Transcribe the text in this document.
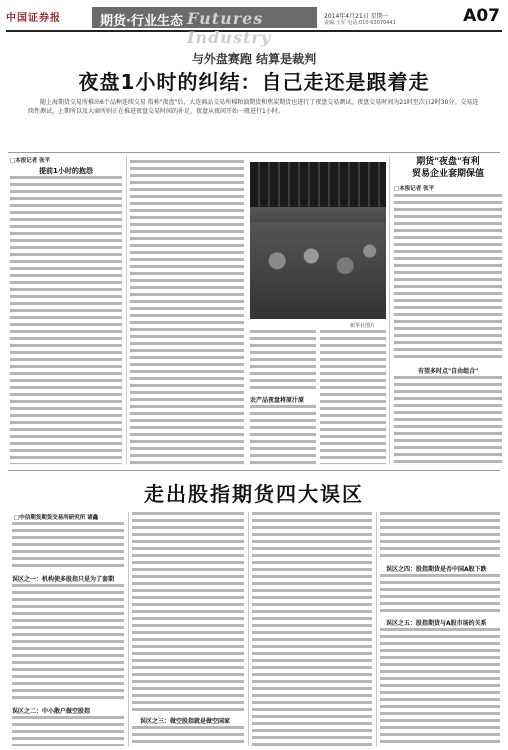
中国证券报	期货·行业生态 Futures Industry
2014年4月21日 星期一
责编:王军 电话:010-63070441	A07
与外盘赛跑 结算是裁判
夜盘1小时的纠结：自己走还是跟着走
随上海期货交易所推出6个品种连续交易 俗称"夜盘"后，大连商品交易所棉粕油期货和焦炭期货也进行了夜盘交易测试，夜盘交易时间为21时至次日2时30分。交易连续性测试，上期所以及大商所则正在推进夜盘交易时间的补足，夜盘从夜间开始一般进行1小时。
□本报记者 张平
提前1小时的抱怨
新华社图片
农产品夜盘将原汁原
期货"夜盘"有利
贸易企业套期保值
□本报记者 张平
有望多时点"自由组合"
走出股指期货四大误区
□中信期货期货交易所研究所 诸鑫
误区之一：机构使多股指只是为了套期
误区之二：中小散户做空股指
误区之三：做空股指就是做空国家
误区之四：股指期货是否中国A股下跌
误区之五：股指期货与A股市场的关系
